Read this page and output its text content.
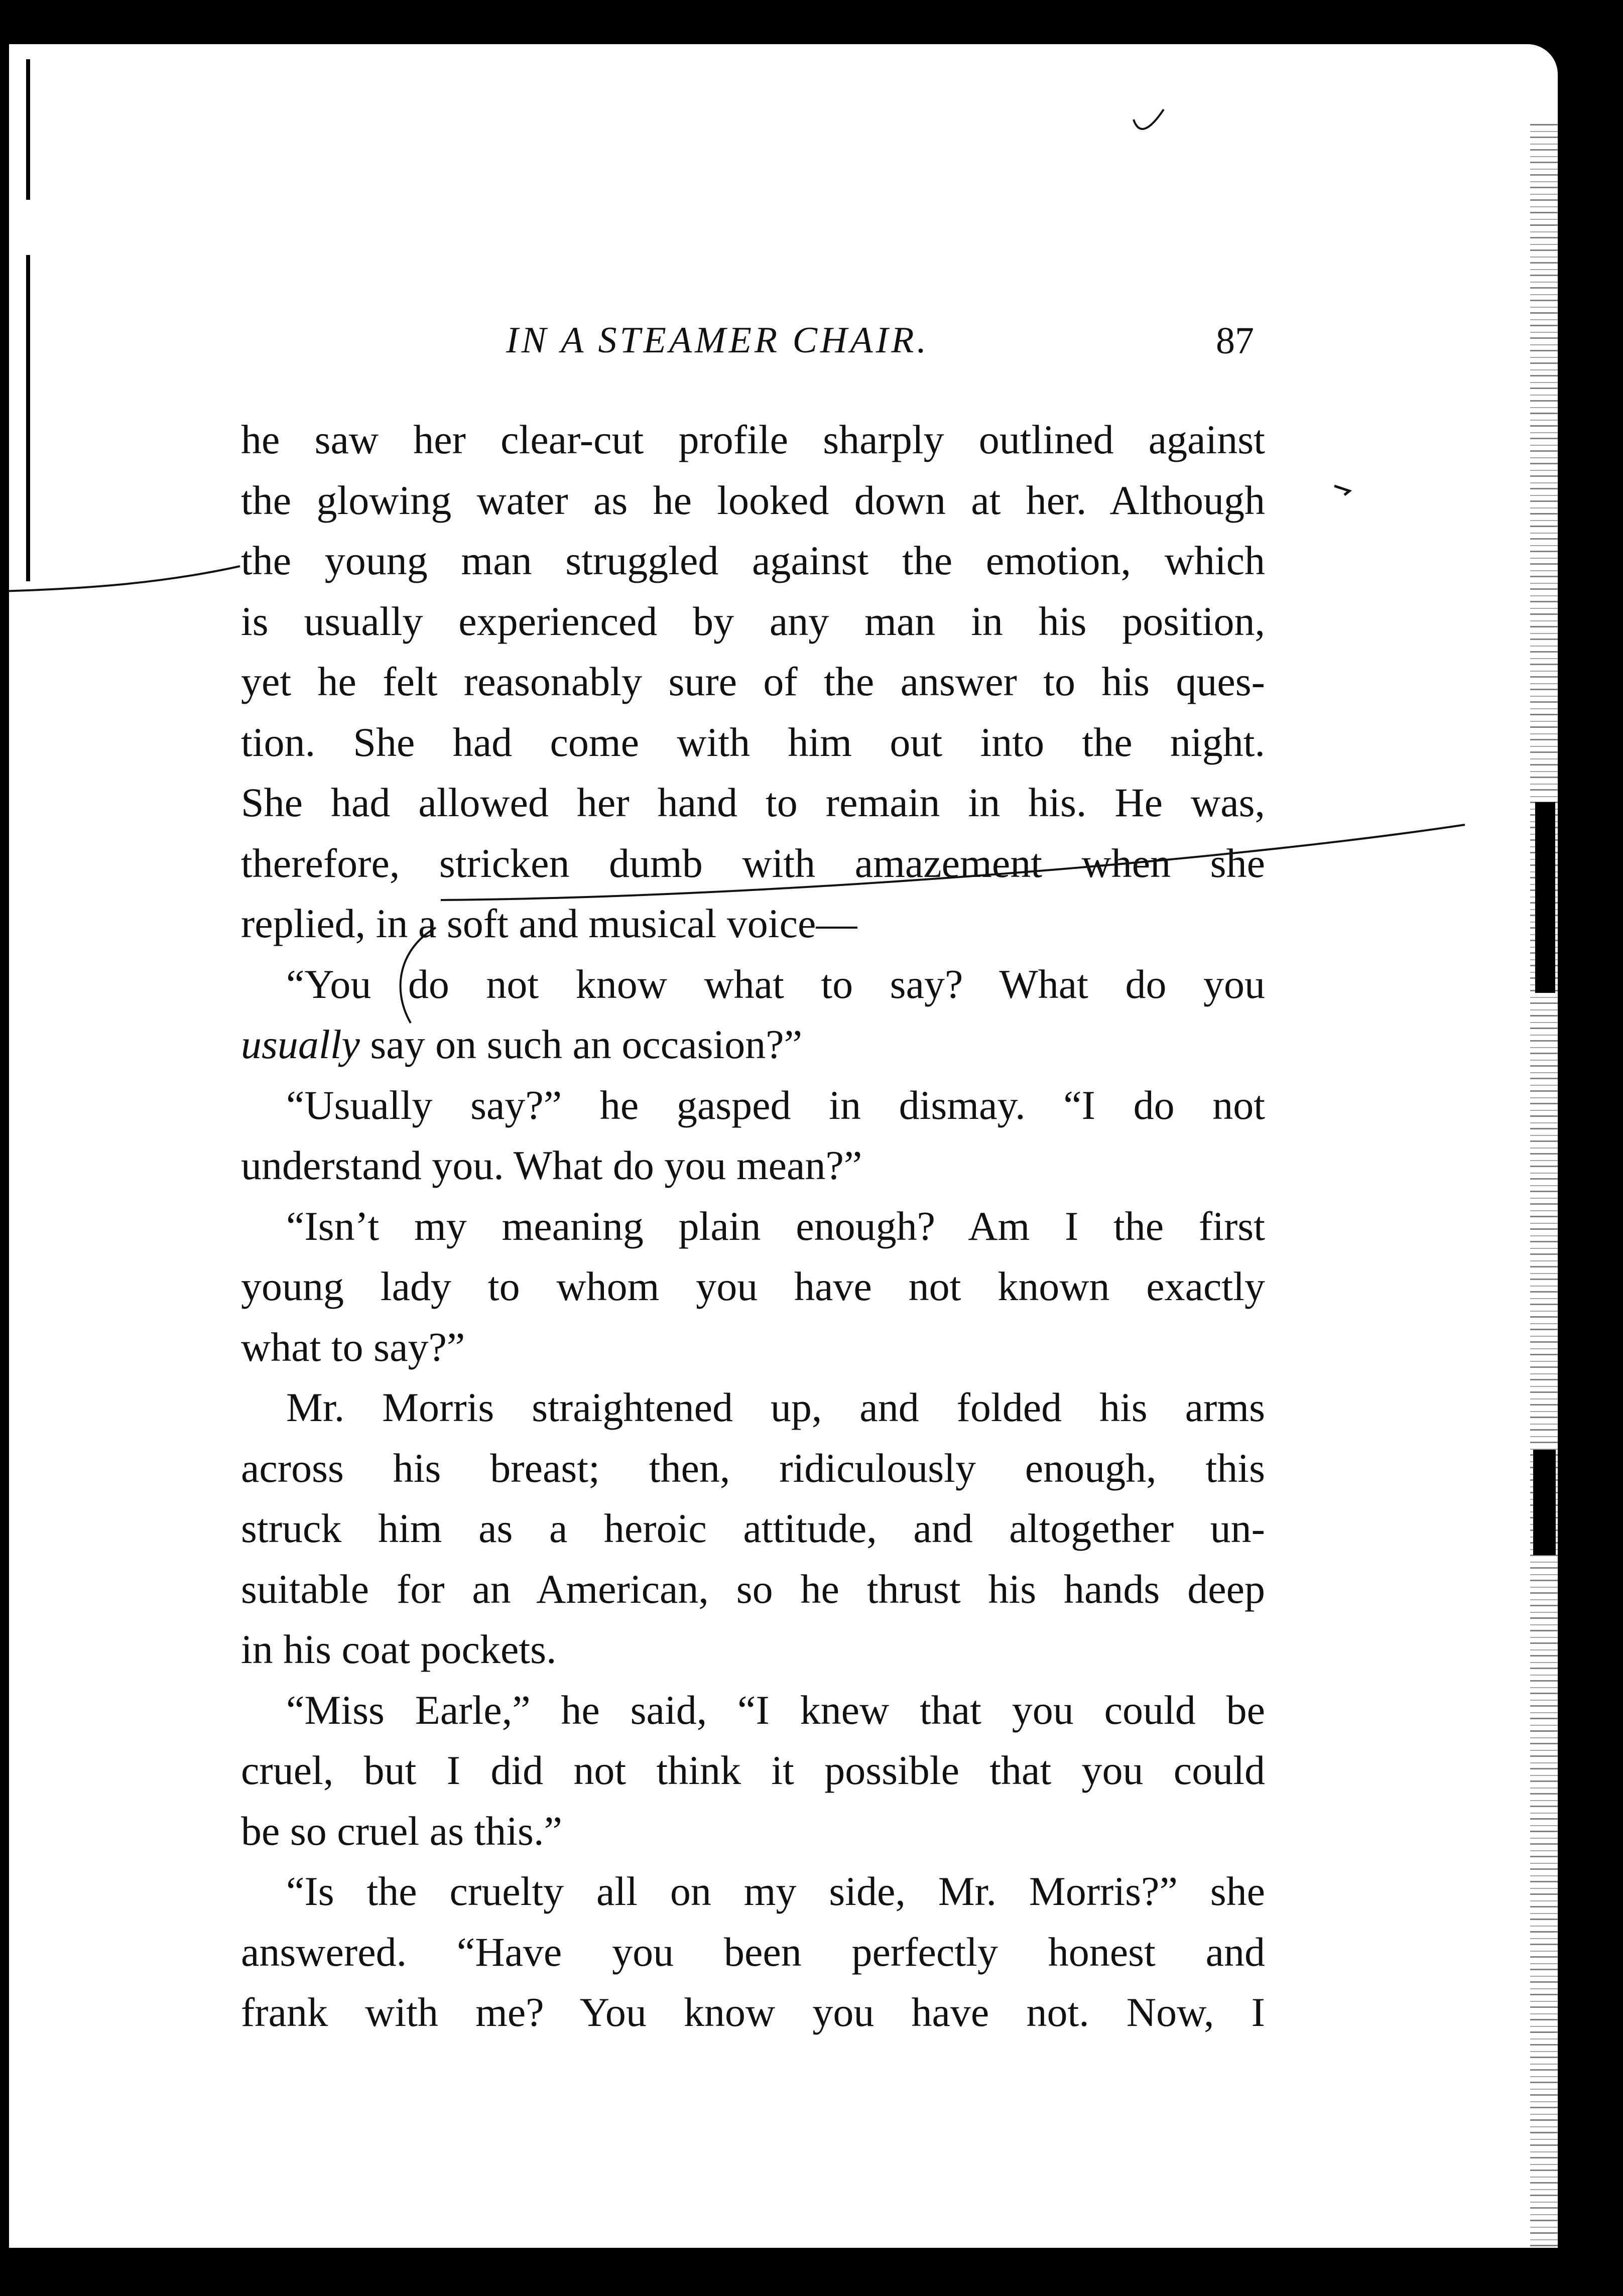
IN A STEAMER CHAIR.	87
he saw her clear-cut profile sharply outlined against
the glowing water as he looked down at her. Although
the young man struggled against the emotion, which
is usually experienced by any man in his position,
yet he felt reasonably sure of the answer to his ques-
tion. She had come with him out into the night.
She had allowed her hand to remain in his. He was,
therefore, stricken dumb with amazement when she
replied, in a soft and musical voice—
“You do not know what to say? What do you
usually say on such an occasion?”
“Usually say?” he gasped in dismay. “I do not
understand you. What do you mean?”
“Isn’t my meaning plain enough? Am I the first
young lady to whom you have not known exactly
what to say?”
Mr. Morris straightened up, and folded his arms
across his breast; then, ridiculously enough, this
struck him as a heroic attitude, and altogether un-
suitable for an American, so he thrust his hands deep
in his coat pockets.
“Miss Earle,” he said, “I knew that you could be
cruel, but I did not think it possible that you could
be so cruel as this.”
“Is the cruelty all on my side, Mr. Morris?” she
answered. “Have you been perfectly honest and
frank with me? You know you have not. Now, I
